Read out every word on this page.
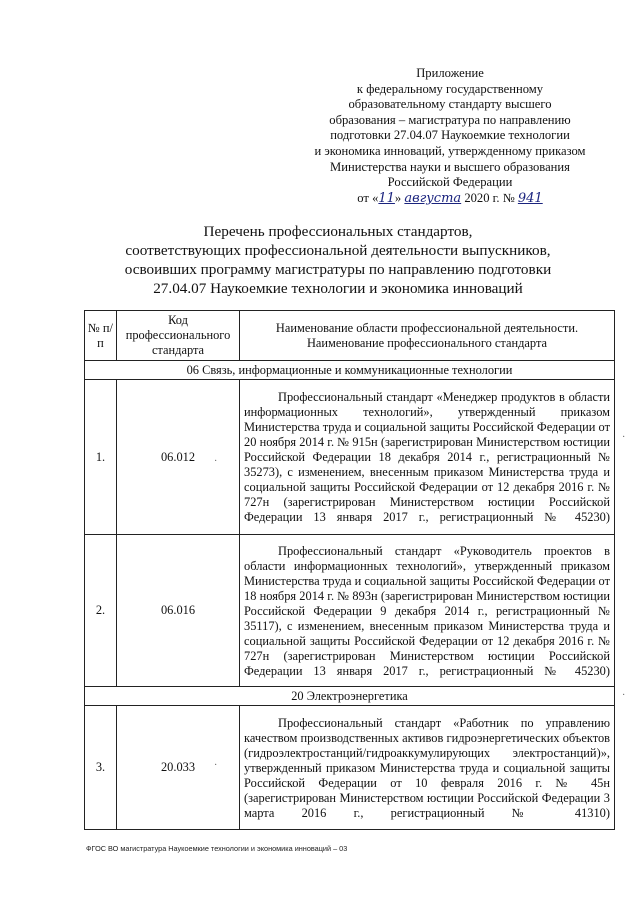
Приложение
к федеральному государственному
образовательному стандарту высшего
образования – магистратура по направлению
подготовки 27.04.07 Наукоемкие технологии
и экономика инноваций, утвержденному приказом
Министерства науки и высшего образования
Российской Федерации
от «11» августа 2020 г. № 941
Перечень профессиональных стандартов,
соответствующих профессиональной деятельности выпускников,
освоивших программу магистратуры по направлению подготовки
27.04.07 Наукоемкие технологии и экономика инноваций
№ п/п	Код профессионального стандарта	Наименование области профессиональной деятельности. Наименование профессионального стандарта
06 Связь, информационные и коммуникационные технологии		
1.	06.012	Профессиональный стандарт «Менеджер продуктов в области информационных технологий», утвержденный приказом Министерства труда и социальной защиты Российской Федерации от 20 ноября 2014 г. № 915н (зарегистрирован Министерством юстиции Российской Федерации 18 декабря 2014 г., регистрационный № 35273), с изменением, внесенным приказом Министерства труда и социальной защиты Российской Федерации от 12 декабря 2016 г. № 727н (зарегистрирован Министерством юстиции Российской Федерации 13 января 2017 г., регистрационный № 45230)
2.	06.016	Профессиональный стандарт «Руководитель проектов в области информационных технологий», утвержденный приказом Министерства труда и социальной защиты Российской Федерации от 18 ноября 2014 г. № 893н (зарегистрирован Министерством юстиции Российской Федерации 9 декабря 2014 г., регистрационный № 35117), с изменением, внесенным приказом Министерства труда и социальной защиты Российской Федерации от 12 декабря 2016 г. № 727н (зарегистрирован Министерством юстиции Российской Федерации 13 января 2017 г., регистрационный № 45230)
20 Электроэнергетика		
3.	20.033	Профессиональный стандарт «Работник по управлению качеством производственных активов гидроэнергетических объектов (гидроэлектростанций/гидроаккумулирующих электростанций)», утвержденный приказом Министерства труда и социальной защиты Российской Федерации от 10 февраля 2016 г. № 45н (зарегистрирован Министерством юстиции Российской Федерации 3 марта 2016 г., регистрационный № 41310)
·
·
·
·
ФГОС ВО магистратура Наукоемкие технологии и экономика инноваций – 03
